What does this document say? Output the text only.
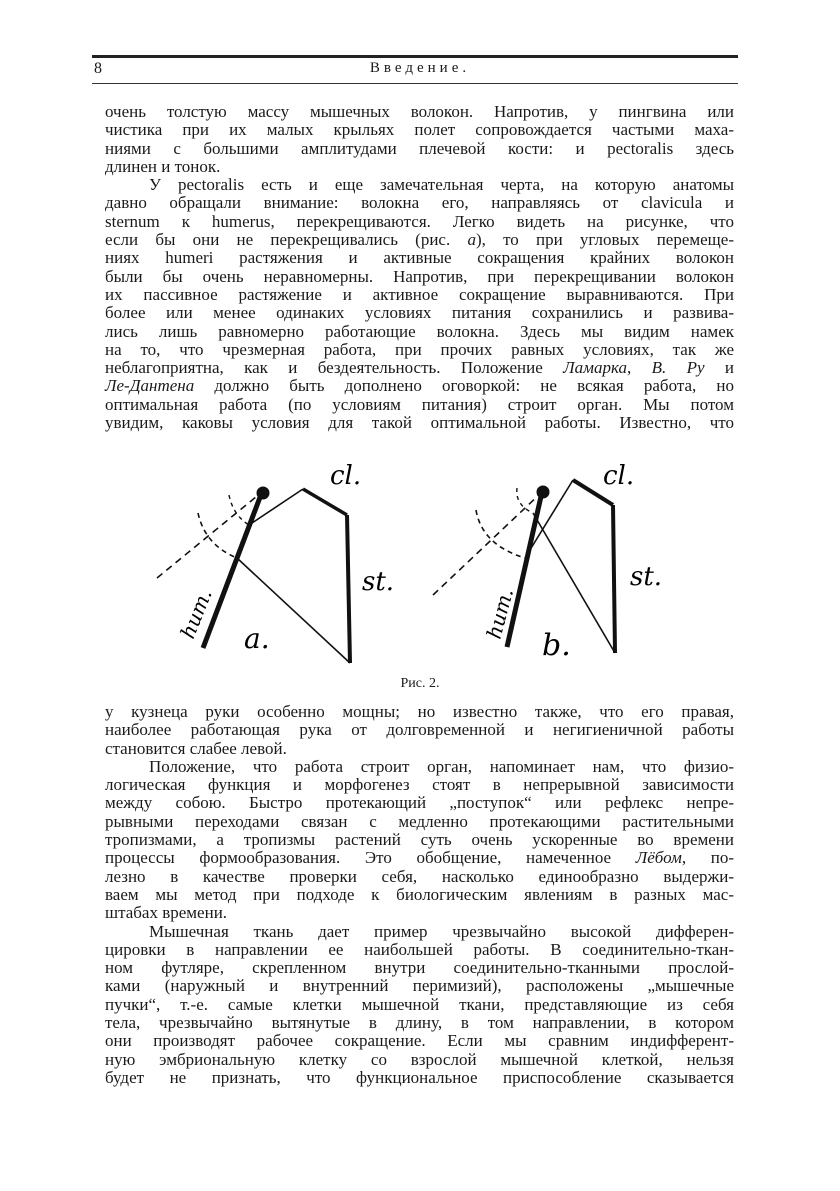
8	Введение.
очень толстую массу мышечных волокон. Напротив, у пингвина или
чистика при их малых крыльях полет сопровождается частыми маха-
ниями с большими амплитудами плечевой кости: и pectoralis здесь
длинен и тонок.
У pectoralis есть и еще замечательная черта, на которую анатомы
давно обращали внимание: волокна его, направляясь от clavicula и
sternum к humerus, перекрещиваются. Легко видеть на рисунке, что
если бы они не перекрещивались (рис. a), то при угловых перемеще-
ниях humeri растяжения и активные сокращения крайних волокон
были бы очень неравномерны. Напротив, при перекрещивании волокон
их пассивное растяжение и активное сокращение выравниваются. При
более или менее одинаких условиях питания сохранились и развива-
лись лишь равномерно работающие волокна. Здесь мы видим намек
на то, что чрезмерная работа, при прочих равных условиях, так же
неблагоприятна, как и бездеятельность. Положение Ламарка, В. Ру и
Ле-Дантена должно быть дополнено оговоркой: не всякая работа, но
оптимальная работа (по условиям питания) строит орган. Мы потом
увидим, каковы условия для такой оптимальной работы. Известно, что
cl.
st.
hum. a.
cl.
st.
hum.
b.
Рис. 2.
у кузнеца руки особенно мощны; но известно также, что его правая,
наиболее работающая рука от долговременной и негигиеничной работы
становится слабее левой.
Положение, что работа строит орган, напоминает нам, что физио-
логическая функция и морфогенез стоят в непрерывной зависимости
между собою. Быстро протекающий „поступок“ или рефлекс непре-
рывными переходами связан с медленно протекающими растительными
тропизмами, а тропизмы растений суть очень ускоренные во времени
процессы формообразования. Это обобщение, намеченное Лёбом, по-
лезно в качестве проверки себя, насколько единообразно выдержи-
ваем мы метод при подходе к биологическим явлениям в разных мас-
штабах времени.
Мышечная ткань дает пример чрезвычайно высокой дифферен-
цировки в направлении ее наибольшей работы. В соединительно-ткан-
ном футляре, скрепленном внутри соединительно-тканными прослой-
ками (наружный и внутренний перимизий), расположены „мышечные
пучки“, т.-е. самые клетки мышечной ткани, представляющие из себя
тела, чрезвычайно вытянутые в длину, в том направлении, в котором
они производят рабочее сокращение. Если мы сравним индифферент-
ную эмбриональную клетку со взрослой мышечной клеткой, нельзя
будет не признать, что функциональное приспособление сказывается
